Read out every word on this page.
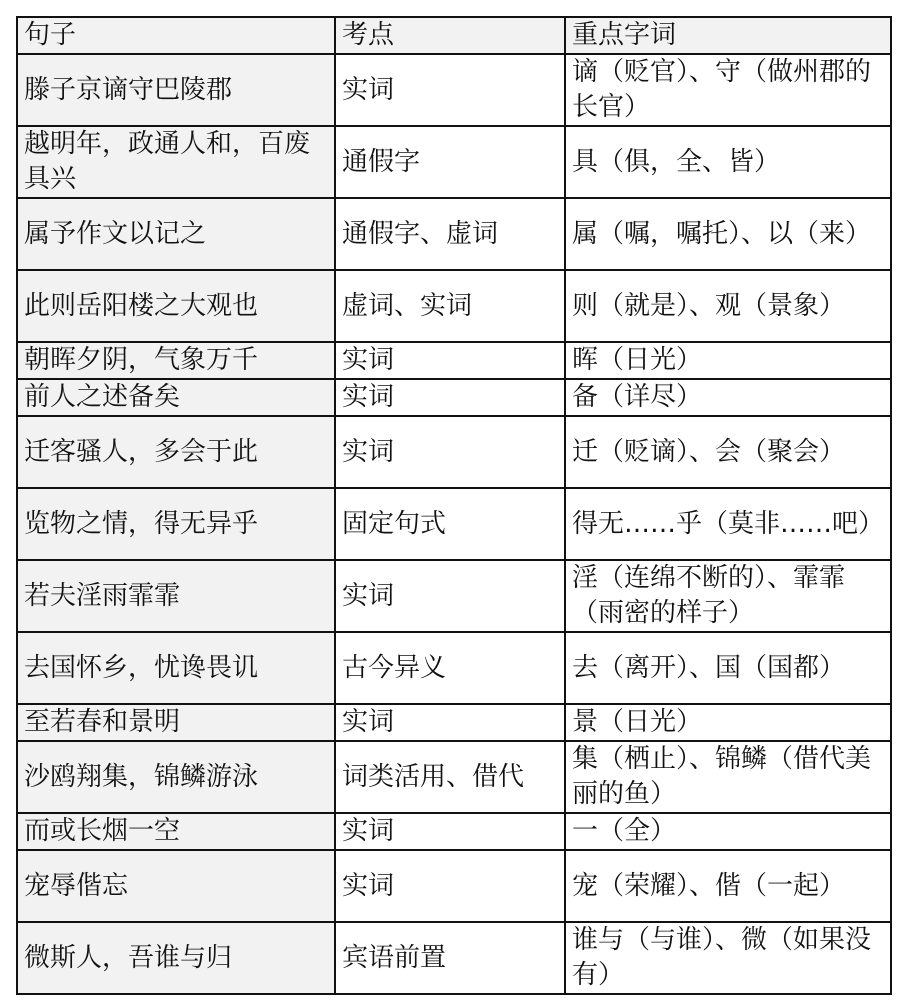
句子	考点	重点字词
滕子京谪守巴陵郡	实词	谪（贬官）、守（做州郡的长官）
越明年，政通人和，百废具兴	通假字	具（俱，全、皆）
属予作文以记之	通假字、虚词	属（嘱，嘱托）、以（来）
此则岳阳楼之大观也	虚词、实词	则（就是）、观（景象）
朝晖夕阴，气象万千	实词	晖（日光）
前人之述备矣	实词	备（详尽）
迁客骚人，多会于此	实词	迁（贬谪）、会（聚会）
览物之情，得无异乎	固定句式	得无……乎（莫非……吧）
若夫淫雨霏霏	实词	淫（连绵不断的）、霏霏（雨密的样子）
去国怀乡，忧谗畏讥	古今异义	去（离开）、国（国都）
至若春和景明	实词	景（日光）
沙鸥翔集，锦鳞游泳	词类活用、借代	集（栖止）、锦鳞（借代美丽的鱼）
而或长烟一空	实词	一（全）
宠辱偕忘	实词	宠（荣耀）、偕（一起）
微斯人，吾谁与归	宾语前置	谁与（与谁）、微（如果没有）
